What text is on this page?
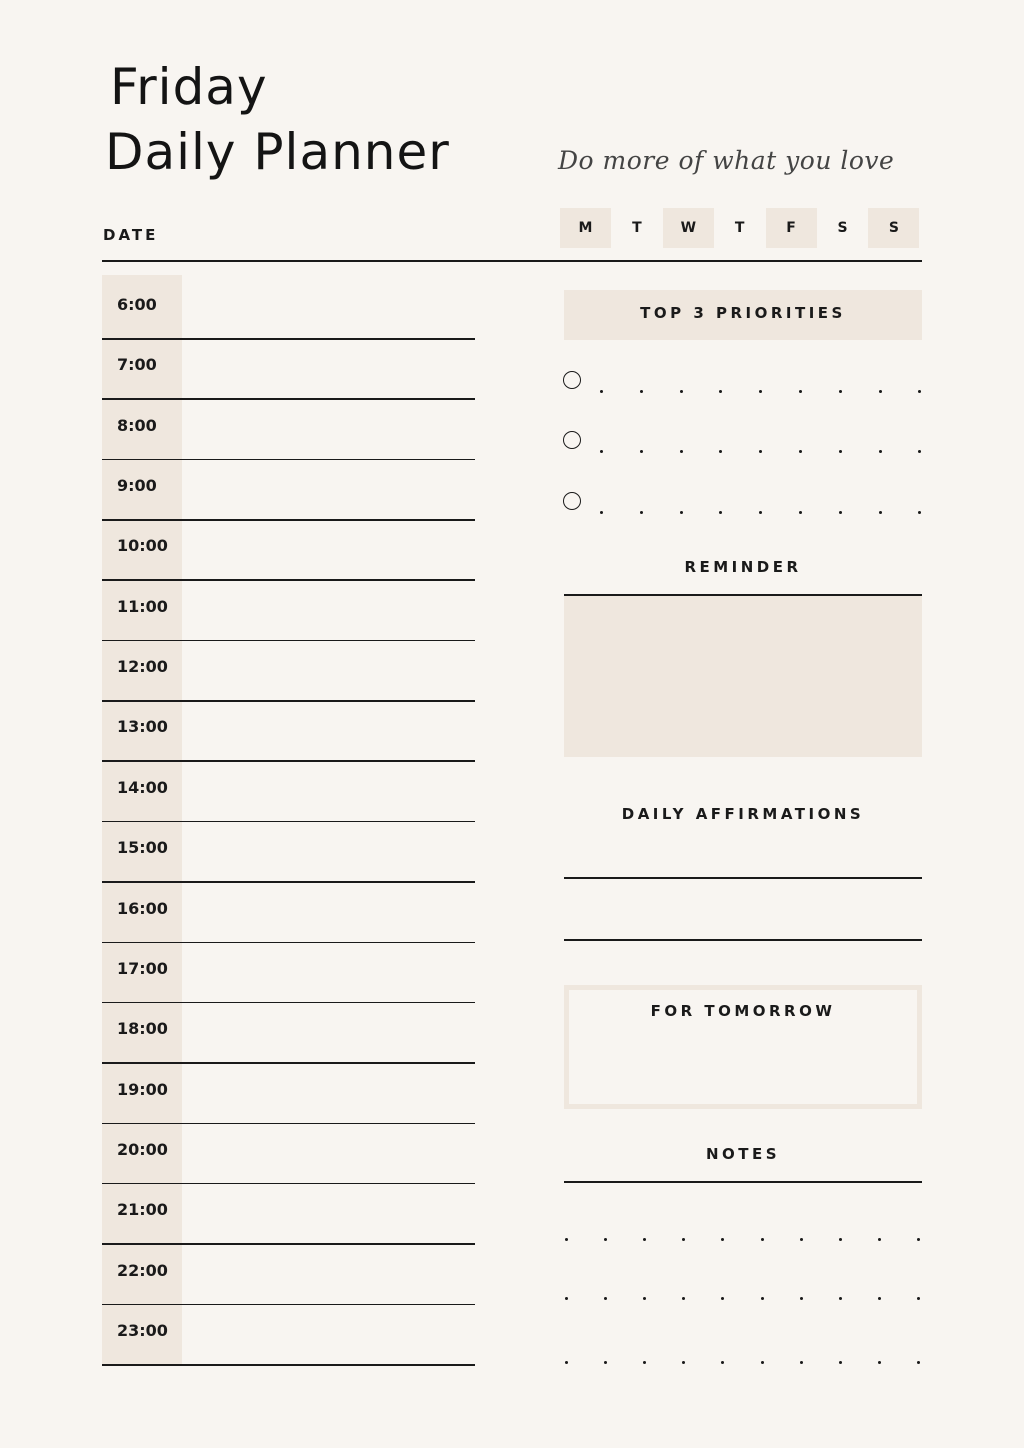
Friday
Daily Planner	Do more of what you love
DATE	M	T	W	T	F	S	S
6:00
7:00
8:00
9:00
10:00
11:00
12:00
13:00
14:00
15:00
16:00
17:00
18:00
19:00
20:00
21:00
22:00
23:00
TOP 3 PRIORITIES
REMINDER
DAILY AFFIRMATIONS
FOR TOMORROW
NOTES
